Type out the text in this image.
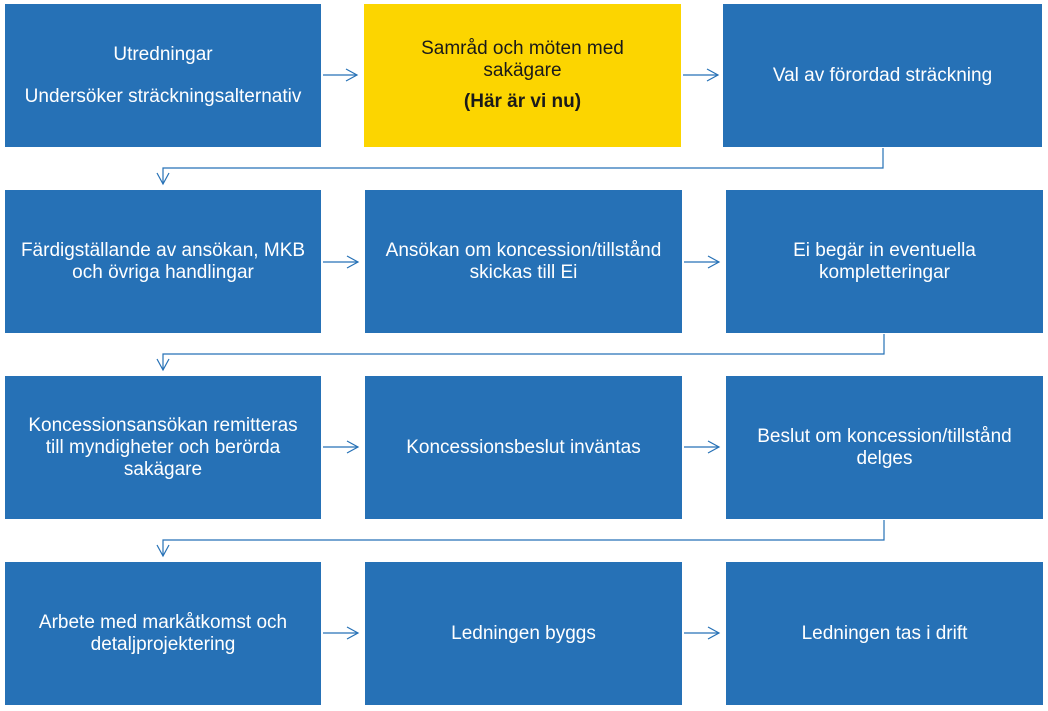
Utredningar
Undersöker sträckningsalternativ
Samråd och möten med sakägare
(Här är vi nu)
Val av förordad sträckning
Färdigställande av ansökan, MKB och övriga handlingar
Ansökan om koncession/tillstånd skickas till Ei
Ei begär in eventuella kompletteringar
Koncessionsansökan remitteras till myndigheter och berörda sakägare
Koncessionsbeslut inväntas
Beslut om koncession/tillstånd delges
Arbete med markåtkomst och detaljprojektering
Ledningen byggs	Ledningen tas i drift
